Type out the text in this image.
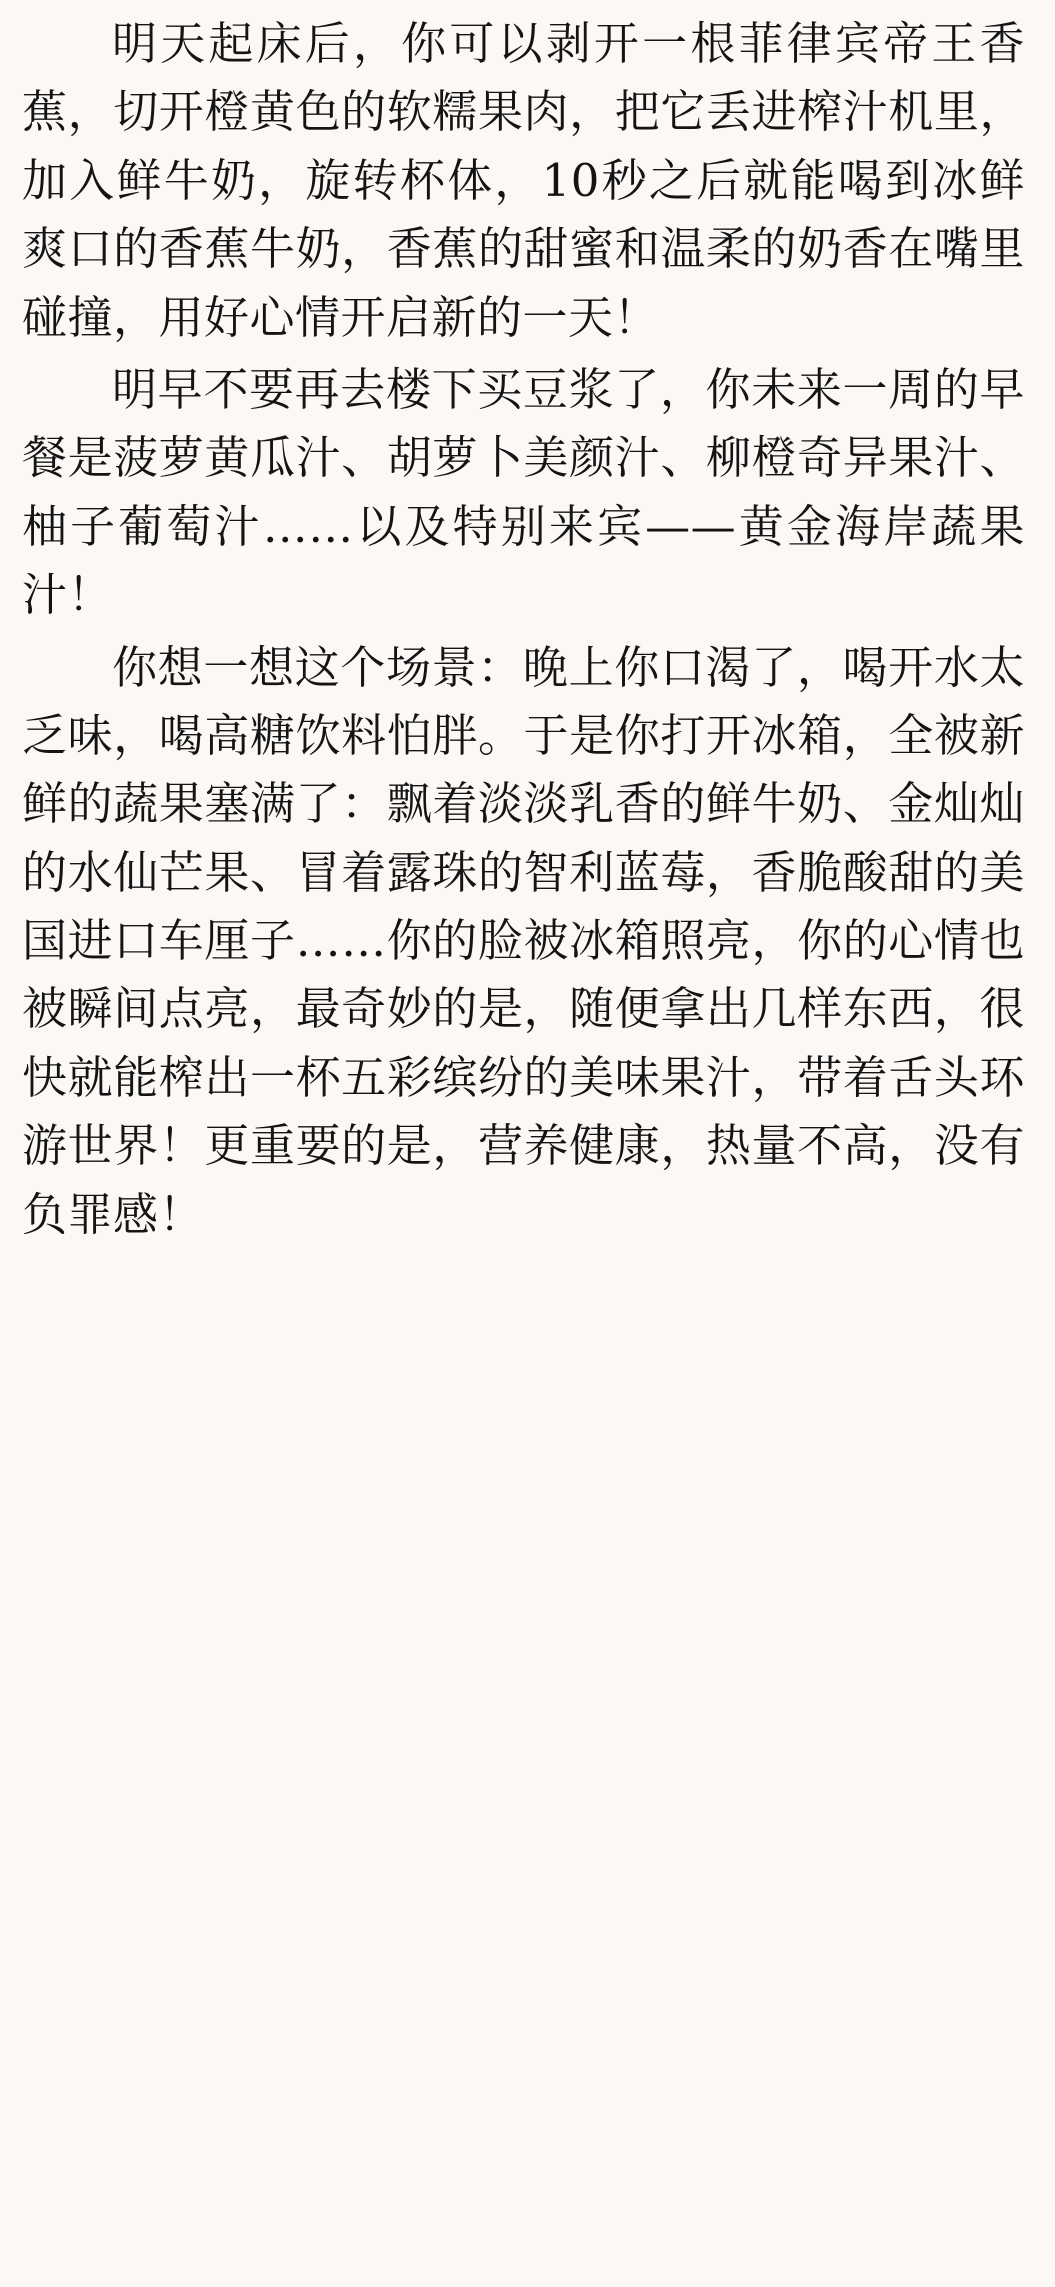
明天起床后，你可以剥开一根菲律宾帝王香蕉，切开橙黄色的软糯果肉，把它丢进榨汁机里，加入鲜牛奶，旋转杯体，10秒之后就能喝到冰鲜爽口的香蕉牛奶，香蕉的甜蜜和温柔的奶香在嘴里碰撞，用好心情开启新的一天！

明早不要再去楼下买豆浆了，你未来一周的早餐是菠萝黄瓜汁、胡萝卜美颜汁、柳橙奇异果汁、柚子葡萄汁……以及特别来宾——黄金海岸蔬果汁！

你想一想这个场景：晚上你口渴了，喝开水太乏味，喝高糖饮料怕胖。于是你打开冰箱，全被新鲜的蔬果塞满了：飘着淡淡乳香的鲜牛奶、金灿灿的水仙芒果、冒着露珠的智利蓝莓，香脆酸甜的美国进口车厘子……你的脸被冰箱照亮，你的心情也被瞬间点亮，最奇妙的是，随便拿出几样东西，很快就能榨出一杯五彩缤纷的美味果汁，带着舌头环游世界！更重要的是，营养健康，热量不高，没有负罪感！
